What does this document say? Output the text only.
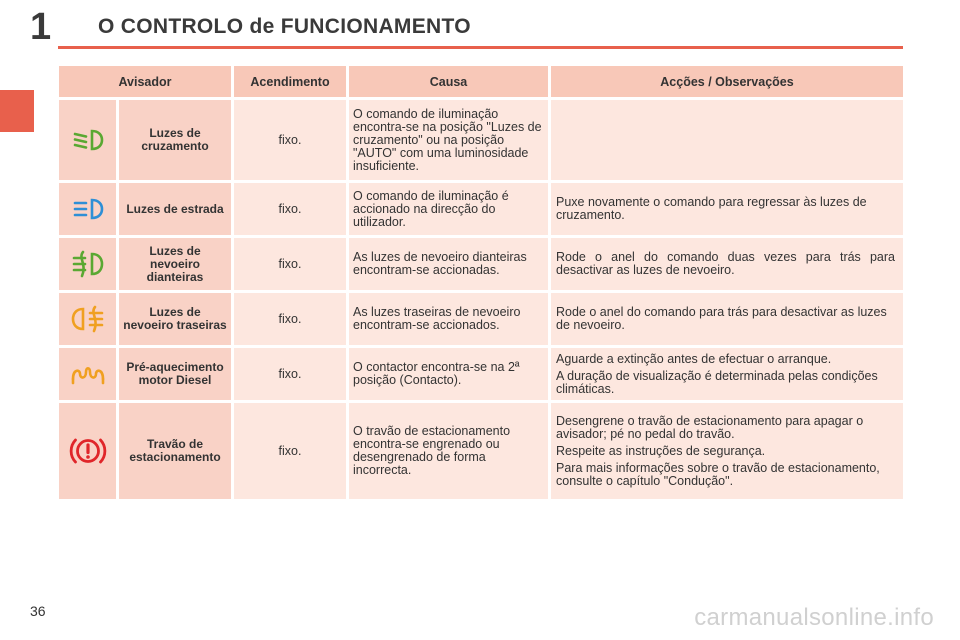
1 O CONTROLO de FUNCIONAMENTO
Avisador		Acendimento	Causa	Acções / Observações
	Luzes de cruzamento	fixo.	O comando de iluminação encontra-se na posição "Luzes de cruzamento" ou na posição "AUTO" com uma luminosidade insuficiente.	
	Luzes de estrada	fixo.	O comando de iluminação é accionado na direcção do utilizador.	Puxe novamente o comando para regressar às luzes de cruzamento.

	Luzes de nevoeiro dianteiras	fixo.	As luzes de nevoeiro dianteiras encontram-se accionadas.	Rode o anel do comando duas vezes para trás para desactivar as luzes de nevoeiro.

	Luzes de nevoeiro traseiras	fixo.	As luzes traseiras de nevoeiro encontram-se accionados.	Rode o anel do comando para trás para desactivar as luzes de nevoeiro.

	Pré-aquecimento motor Diesel	fixo.	O contactor encontra-se na 2ª posição (Contacto).	Aguarde a extinção antes de efectuar o arranque.

A duração de visualização é determinada pelas condições climáticas.

	Travão de estacionamento	fixo.	O travão de estacionamento encontra-se engrenado ou desengrenado de forma incorrecta.	Desengrene o travão de estacionamento para apagar o avisador; pé no pedal do travão.

Respeite as instruções de segurança.

Para mais informações sobre o travão de estacionamento, consulte o capítulo "Condução".

36	carmanualsonline.info
